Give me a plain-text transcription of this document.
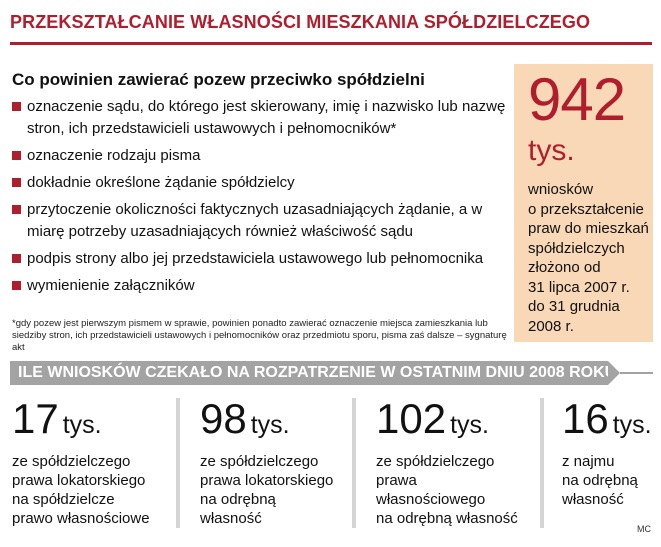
PRZEKSZTAŁCANIE WŁASNOŚCI MIESZKANIA SPÓŁDZIELCZEGO
Co powinien zawierać pozew przeciwko spółdzielni
oznaczenie sądu, do którego jest skierowany, imię i nazwisko lub nazwę stron, ich przedstawicieli ustawowych i pełnomocników*
oznaczenie rodzaju pisma
dokładnie określone żądanie spółdzielcy
przytoczenie okoliczności faktycznych uzasadniających żądanie, a w miarę potrzeby uzasadniających również właściwość sądu
podpis strony albo jej przedstawiciela ustawowego lub pełnomocnika
wymienienie załączników
*gdy pozew jest pierwszym pismem w sprawie, powinien ponadto zawierać oznaczenie miejsca zamieszkania lub siedziby stron, ich przedstawicieli ustawowych i pełnomocników oraz przedmiotu sporu, pisma zaś dalsze – sygnaturę akt
942
tys.
wniosków
o przekształcenie
praw do mieszkań
spółdzielczych
złożono od
31 lipca 2007 r.
do 31 grudnia
2008 r.
ILE WNIOSKÓW CZEKAŁO NA ROZPATRZENIE W OSTATNIM DNIU 2008 ROKU
17 tys.
ze spółdzielczego
prawa lokatorskiego
na spółdzielcze
prawo własnościowe
98 tys.
ze spółdzielczego
prawa lokatorskiego
na odrębną
własność
102 tys.
ze spółdzielczego
prawa
własnościowego
na odrębną własność
16 tys.
z najmu
na odrębną
własność
MC
